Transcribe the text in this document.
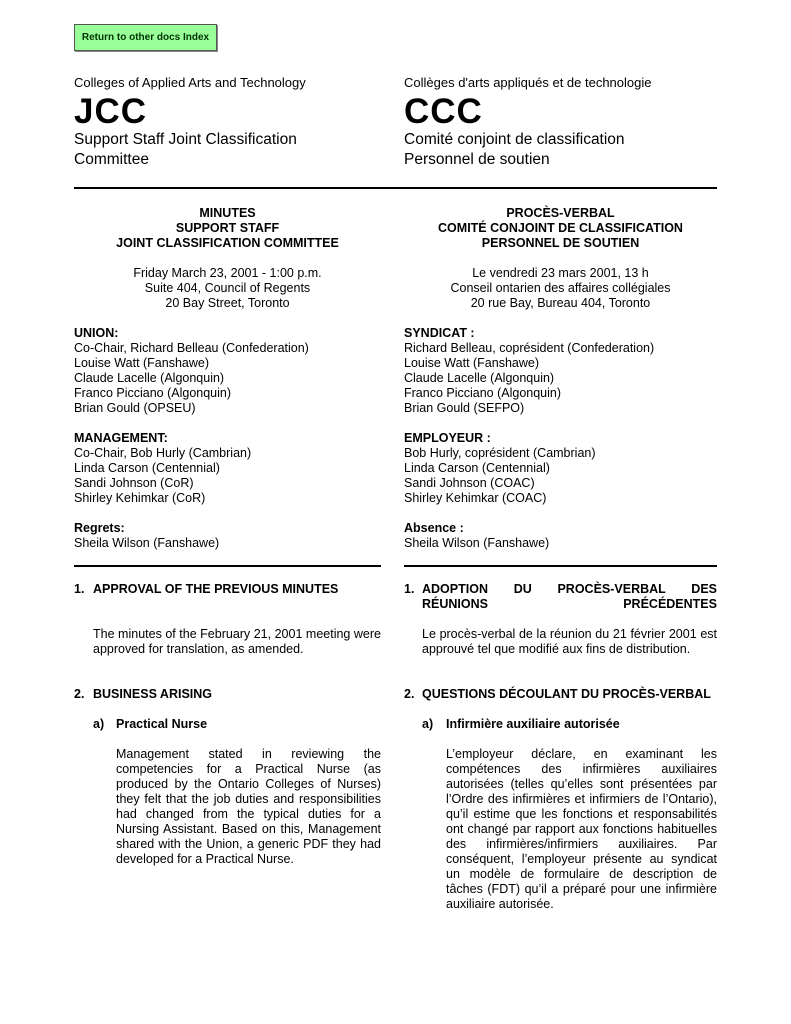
Return to other docs Index
Colleges of Applied Arts and Technology
JCC
Support Staff Joint Classification
Committee
Collèges d'arts appliqués et de technologie
CCC
Comité conjoint de classification
Personnel de soutien
MINUTES
SUPPORT STAFF
JOINT CLASSIFICATION COMMITTEE
PROCÈS-VERBAL
COMITÉ CONJOINT DE CLASSIFICATION
PERSONNEL DE SOUTIEN
Friday March 23, 2001 - 1:00 p.m.
Suite 404, Council of Regents
20 Bay Street, Toronto
Le vendredi 23 mars 2001, 13 h
Conseil ontarien des affaires collégiales
20 rue Bay, Bureau 404, Toronto
UNION:
Co-Chair, Richard Belleau (Confederation)
Louise Watt (Fanshawe)
Claude Lacelle (Algonquin)
Franco Picciano (Algonquin)
Brian Gould (OPSEU)
MANAGEMENT:
Co-Chair, Bob Hurly (Cambrian)
Linda Carson (Centennial)
Sandi Johnson (CoR)
Shirley Kehimkar (CoR)
Regrets:
Sheila Wilson (Fanshawe)
SYNDICAT :
Richard Belleau, coprésident (Confederation)
Louise Watt (Fanshawe)
Claude Lacelle (Algonquin)
Franco Picciano (Algonquin)
Brian Gould (SEFPO)
EMPLOYEUR :
Bob Hurly, coprésident (Cambrian)
Linda Carson (Centennial)
Sandi Johnson (COAC)
Shirley Kehimkar (COAC)
Absence :
Sheila Wilson (Fanshawe)
1. APPROVAL OF THE PREVIOUS MINUTES
The minutes of the February 21, 2001 meeting were approved for translation, as amended.
1. ADOPTION DU PROCÈS-VERBAL DES RÉUNIONS PRÉCÉDENTES
Le procès-verbal de la réunion du 21 février 2001 est approuvé tel que modifié aux fins de distribution.
2. BUSINESS ARISING
a) Practical Nurse
Management stated in reviewing the competencies for a Practical Nurse (as produced by the Ontario Colleges of Nurses) they felt that the job duties and responsibilities had changed from the typical duties for a Nursing Assistant. Based on this, Management shared with the Union, a generic PDF they had developed for a Practical Nurse.
2. QUESTIONS DÉCOULANT DU PROCÈS-VERBAL
a) Infirmière auxiliaire autorisée
L’employeur déclare, en examinant les compétences des infirmières auxiliaires autorisées (telles qu’elles sont présentées par l’Ordre des infirmières et infirmiers de l’Ontario), qu’il estime que les fonctions et responsabilités ont changé par rapport aux fonctions habituelles des infirmières/infirmiers auxiliaires. Par conséquent, l’employeur présente au syndicat un modèle de formulaire de description de tâches (FDT) qu’il a préparé pour une infirmière auxiliaire autorisée.
